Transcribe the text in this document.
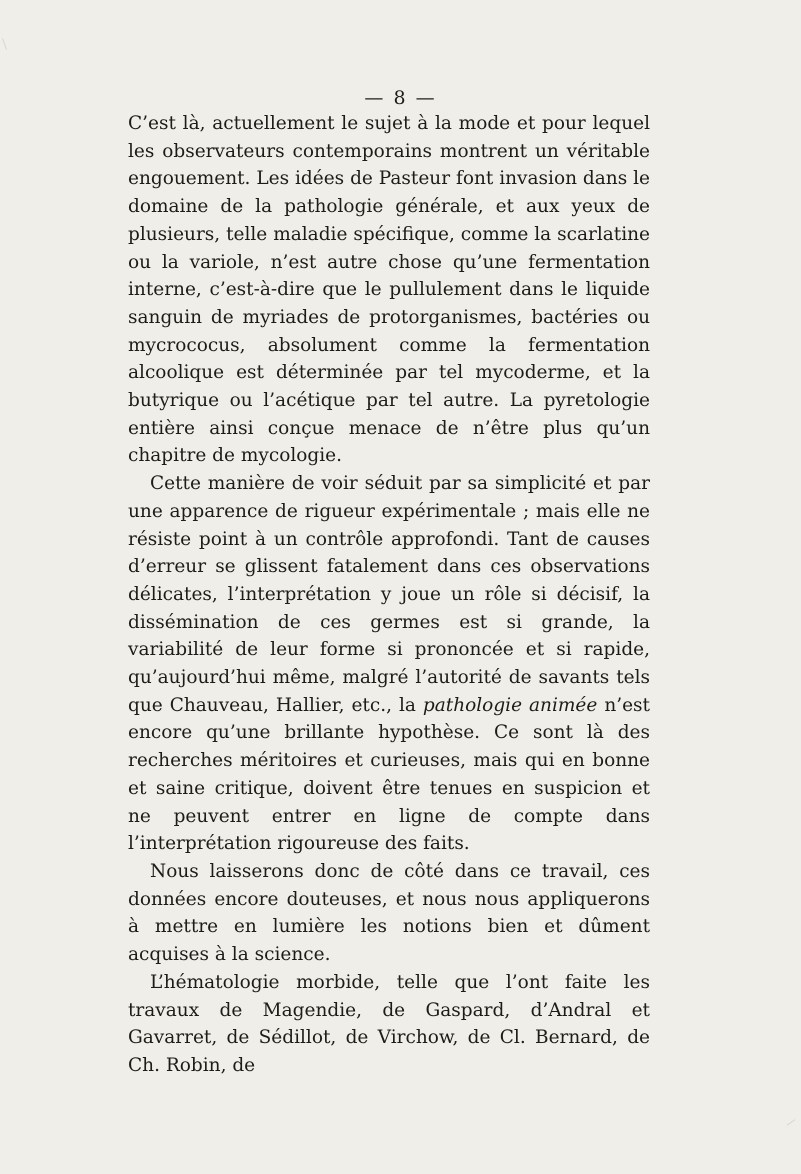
— 8 —

C’est là, actuellement le sujet à la mode et pour lequel les observateurs contemporains montrent un véritable engouement. Les idées de Pasteur font invasion dans le domaine de la pathologie générale, et aux yeux de plusieurs, telle maladie spécifique, comme la scarlatine ou la variole, n’est autre chose qu’une fermentation interne, c’est-à-dire que le pullulement dans le liquide sanguin de myriades de protorganismes, bactéries ou mycrococus, absolument comme la fermentation alcoolique est déterminée par tel mycoderme, et la butyrique ou l’acétique par tel autre. La pyretologie entière ainsi conçue menace de n’être plus qu’un chapitre de mycologie.

Cette manière de voir séduit par sa simplicité et par une apparence de rigueur expérimentale ; mais elle ne résiste point à un contrôle approfondi. Tant de causes d’erreur se glissent fatalement dans ces observations délicates, l’interprétation y joue un rôle si décisif, la dissémination de ces germes est si grande, la variabilité de leur forme si prononcée et si rapide, qu’aujourd’hui même, malgré l’autorité de savants tels que Chauveau, Hallier, etc., la pathologie animée n’est encore qu’une brillante hypothèse. Ce sont là des recherches méritoires et curieuses, mais qui en bonne et saine critique, doivent être tenues en suspicion et ne peuvent entrer en ligne de compte dans l’interprétation rigoureuse des faits.

Nous laisserons donc de côté dans ce travail, ces données encore douteuses, et nous nous appliquerons à mettre en lumière les notions bien et dûment acquises à la science.

L’hématologie morbide, telle que l’ont faite les travaux de Magendie, de Gaspard, d’Andral et Gavarret, de Sédillot, de Virchow, de Cl. Bernard, de Ch. Robin, de
